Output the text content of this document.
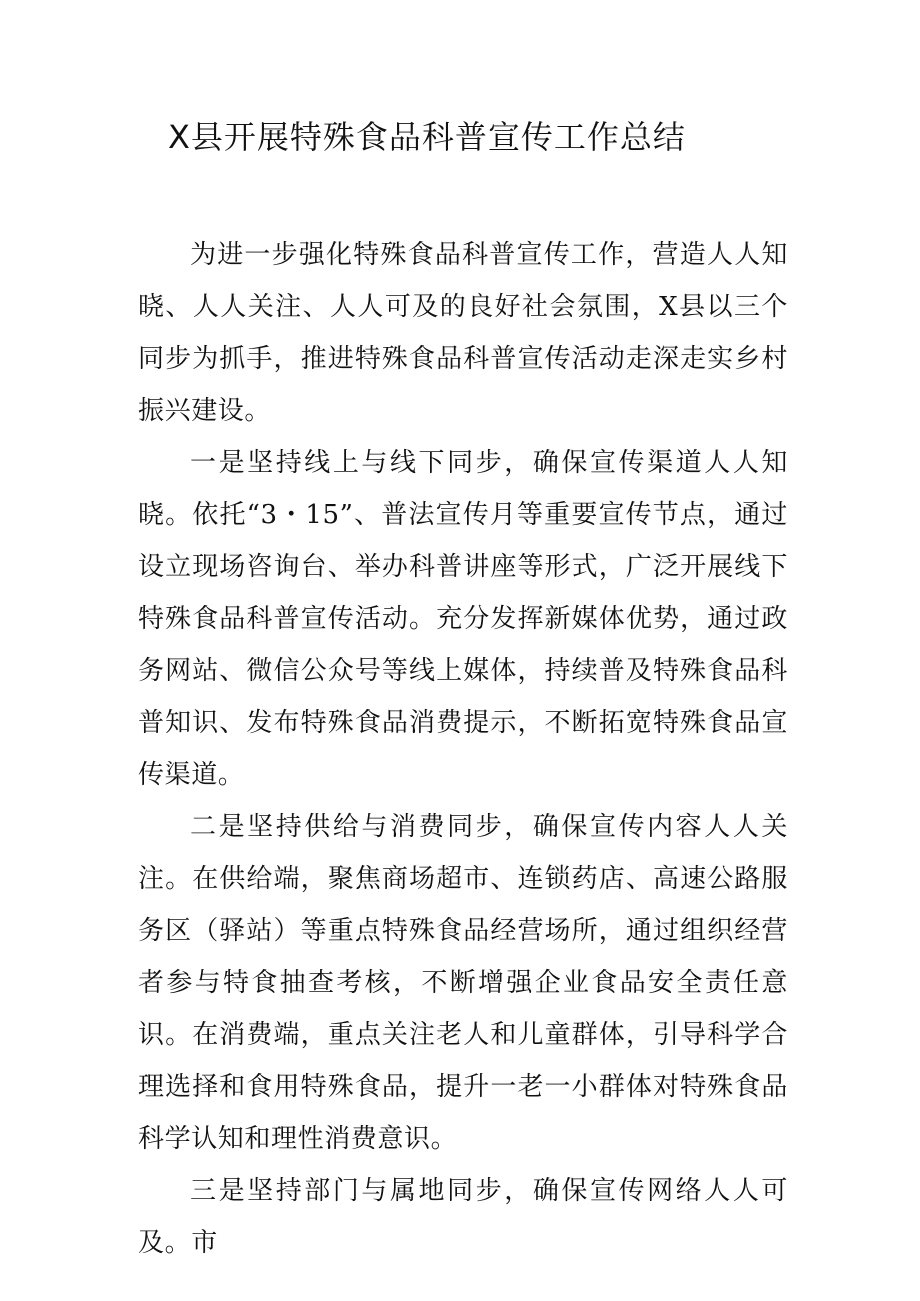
X县开展特殊食品科普宣传工作总结

为进一步强化特殊食品科普宣传工作，营造人人知晓、人人关注、人人可及的良好社会氛围，X县以三个同步为抓手，推进特殊食品科普宣传活动走深走实乡村振兴建设。

一是坚持线上与线下同步，确保宣传渠道人人知晓。依托“3・15”、普法宣传月等重要宣传节点，通过设立现场咨询台、举办科普讲座等形式，广泛开展线下特殊食品科普宣传活动。充分发挥新媒体优势，通过政务网站、微信公众号等线上媒体，持续普及特殊食品科普知识、发布特殊食品消费提示，不断拓宽特殊食品宣传渠道。

二是坚持供给与消费同步，确保宣传内容人人关注。在供给端，聚焦商场超市、连锁药店、高速公路服务区（驿站）等重点特殊食品经营场所，通过组织经营者参与特食抽查考核，不断增强企业食品安全责任意识。在消费端，重点关注老人和儿童群体，引导科学合理选择和食用特殊食品，提升一老一小群体对特殊食品科学认知和理性消费意识。

三是坚持部门与属地同步，确保宣传网络人人可及。市
